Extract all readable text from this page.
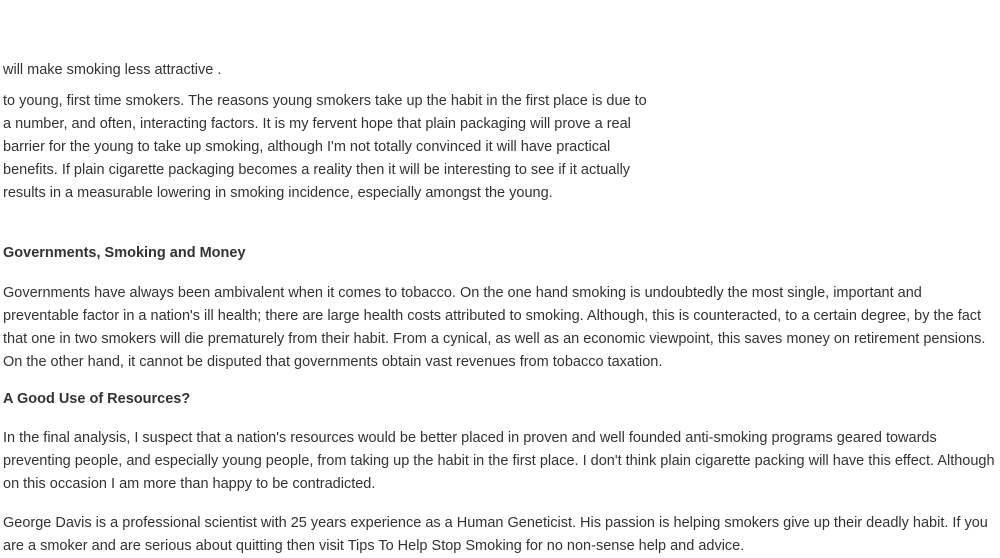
will make smoking less attractive .
to young, first time smokers. The reasons young smokers take up the habit in the first place is due to a number, and often, interacting factors. It is my fervent hope that plain packaging will prove a real barrier for the young to take up smoking, although I'm not totally convinced it will have practical benefits. If plain cigarette packaging becomes a reality then it will be interesting to see if it actually results in a measurable lowering in smoking incidence, especially amongst the young.
Governments, Smoking and Money
Governments have always been ambivalent when it comes to tobacco. On the one hand smoking is undoubtedly the most single, important and preventable factor in a nation's ill health; there are large health costs attributed to smoking. Although, this is counteracted, to a certain degree, by the fact that one in two smokers will die prematurely from their habit. From a cynical, as well as an economic viewpoint, this saves money on retirement pensions. On the other hand, it cannot be disputed that governments obtain vast revenues from tobacco taxation.
A Good Use of Resources?
In the final analysis, I suspect that a nation's resources would be better placed in proven and well founded anti-smoking programs geared towards preventing people, and especially young people, from taking up the habit in the first place. I don't think plain cigarette packing will have this effect. Although on this occasion I am more than happy to be contradicted.
George Davis is a professional scientist with 25 years experience as a Human Geneticist. His passion is helping smokers give up their deadly habit. If you are a smoker and are serious about quitting then visit Tips To Help Stop Smoking for no non-sense help and advice.
